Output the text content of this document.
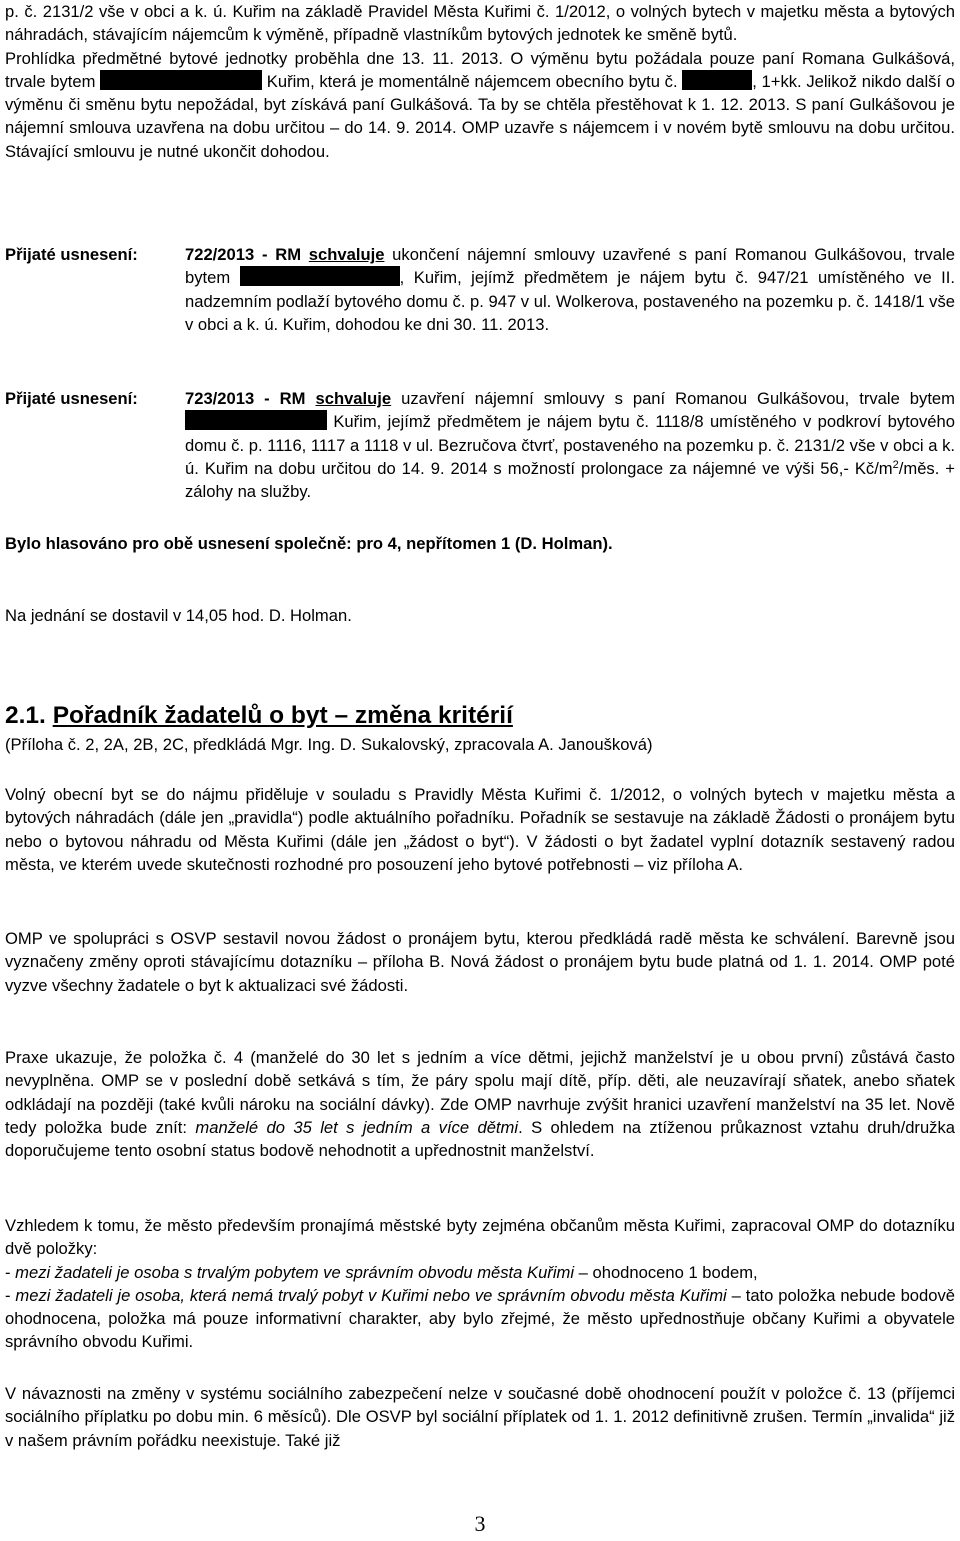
p. č. 2131/2 vše v obci a k. ú. Kuřim na základě Pravidel Města Kuřimi č. 1/2012, o volných bytech v majetku města a bytových náhradách, stávajícím nájemcům k výměně, případně vlastníkům bytových jednotek ke směně bytů.
Prohlídka předmětné bytové jednotky proběhla dne 13. 11. 2013. O výměnu bytu požádala pouze paní Romana Gulkášová, trvale bytem	Kuřim, která je momentálně nájemcem obecního bytu č.	, 1+kk. Jelikož nikdo další o výměnu či směnu bytu nepožádal, byt získává paní Gulkášová. Ta by se chtěla přestěhovat k 1. 12. 2013. S paní Gulkášovou je nájemní smlouva uzavřena na dobu určitou – do 14. 9. 2014. OMP uzavře s nájemcem i v novém bytě smlouvu na dobu určitou. Stávající smlouvu je nutné ukončit dohodou.
Přijaté usnesení:	722/2013 - RM schvaluje ukončení nájemní smlouvy uzavřené s paní Romanou Gulkášovou, trvale bytem	, Kuřim, jejímž předmětem je nájem bytu č. 947/21 umístěného ve II. nadzemním podlaží bytového domu č. p. 947 v ul. Wolkerova, postaveného na pozemku p. č. 1418/1 vše v obci a k. ú. Kuřim, dohodou ke dni 30. 11. 2013.
Přijaté usnesení:	723/2013 - RM schvaluje uzavření nájemní smlouvy s paní Romanou Gulkášovou, trvale bytem  Kuřim, jejímž předmětem je nájem bytu č. 1118/8 umístěného v podkroví bytového domu č. p. 1116, 1117 a 1118 v ul. Bezručova čtvrť, postaveného na pozemku p. č. 2131/2 vše v obci a k. ú. Kuřim na dobu určitou do 14. 9. 2014 s možností prolongace za nájemné ve výši 56,- $Kč/m^2$/měs. + zálohy na služby.
Bylo hlasováno pro obě usnesení společně: pro 4, nepřítomen 1 (D. Holman).
Na jednání se dostavil v 14,05 hod. D. Holman.
2.1. Pořadník žadatelů o byt – změna kritérií
(Příloha č. 2, 2A, 2B, 2C, předkládá Mgr. Ing. D. Sukalovský, zpracovala A. Janoušková)
Volný obecní byt se do nájmu přiděluje v souladu s Pravidly Města Kuřimi č. 1/2012, o volných bytech v majetku města a bytových náhradách (dále jen „pravidla“) podle aktuálního pořadníku. Pořadník se sestavuje na základě Žádosti o pronájem bytu nebo o bytovou náhradu od Města Kuřimi (dále jen „žádost o byt“). V žádosti o byt žadatel vyplní dotazník sestavený radou města, ve kterém uvede skutečnosti rozhodné pro posouzení jeho bytové potřebnosti – viz příloha A.
OMP ve spolupráci s OSVP sestavil novou žádost o pronájem bytu, kterou předkládá radě města ke schválení. Barevně jsou vyznačeny změny oproti stávajícímu dotazníku – příloha B. Nová žádost o pronájem bytu bude platná od 1. 1. 2014. OMP poté vyzve všechny žadatele o byt k aktualizaci své žádosti.
Praxe ukazuje, že položka č. 4 (manželé do 30 let s jedním a více dětmi, jejichž manželství je u obou první) zůstává často nevyplněna. OMP se v poslední době setkává s tím, že páry spolu mají dítě, příp. děti, ale neuzavírají sňatek, anebo sňatek odkládají na později (také kvůli nároku na sociální dávky). Zde OMP navrhuje zvýšit hranici uzavření manželství na 35 let. Nově tedy položka bude znít: manželé do 35 let s jedním a více dětmi. S ohledem na ztíženou průkaznost vztahu druh/družka doporučujeme tento osobní status bodově nehodnotit a upřednostnit manželství.
Vzhledem k tomu, že město především pronajímá městské byty zejména občanům města Kuřimi, zapracoval OMP do dotazníku dvě položky:
- mezi žadateli je osoba s trvalým pobytem ve správním obvodu města Kuřimi – ohodnoceno 1 bodem,
- mezi žadateli je osoba, která nemá trvalý pobyt v Kuřimi nebo ve správním obvodu města Kuřimi – tato položka nebude bodově ohodnocena, položka má pouze informativní charakter, aby bylo zřejmé, že město upřednostňuje občany Kuřimi a obyvatele správního obvodu Kuřimi.
V návaznosti na změny v systému sociálního zabezpečení nelze v současné době ohodnocení použít v položce č. 13 (příjemci sociálního příplatku po dobu min. 6 měsíců). Dle OSVP byl sociální příplatek od 1. 1. 2012 definitivně zrušen. Termín „invalida“ již v našem právním pořádku neexistuje. Také již
3
